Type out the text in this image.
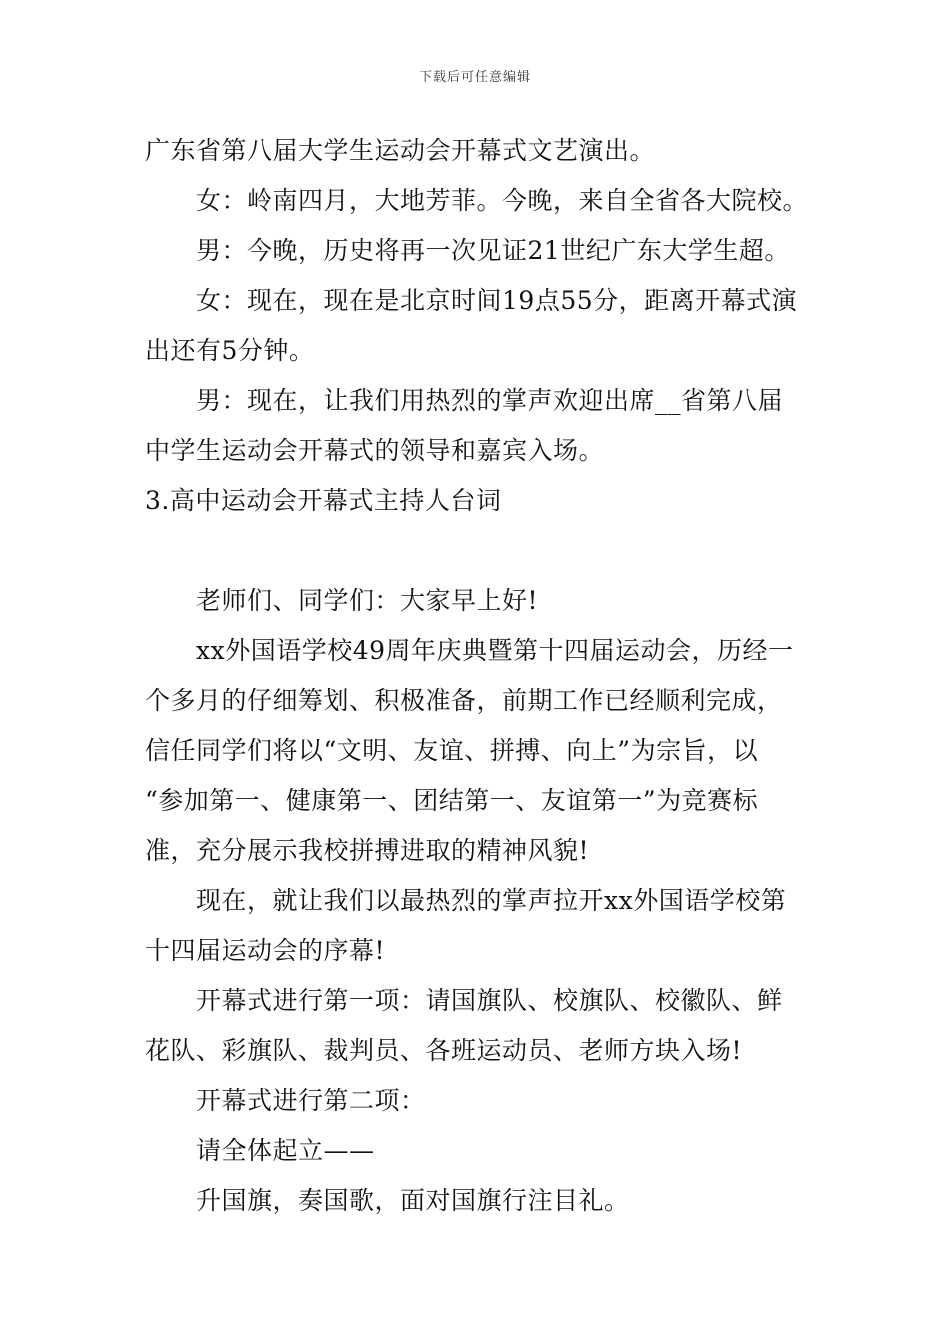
下载后可任意编辑
广东省第八届大学生运动会开幕式文艺演出。
女：岭南四月，大地芳菲。今晚，来自全省各大院校。
男：今晚，历史将再一次见证21世纪广东大学生超。
女：现在，现在是北京时间19点55分，距离开幕式演
出还有5分钟。
男：现在，让我们用热烈的掌声欢迎出席__省第八届
中学生运动会开幕式的领导和嘉宾入场。
3.高中运动会开幕式主持人台词
老师们、同学们：大家早上好!
xx外国语学校49周年庆典暨第十四届运动会，历经一
个多月的仔细筹划、积极准备，前期工作已经顺利完成，
信任同学们将以“文明、友谊、拼搏、向上”为宗旨，以
“参加第一、健康第一、团结第一、友谊第一”为竞赛标
准，充分展示我校拼搏进取的精神风貌!
现在，就让我们以最热烈的掌声拉开xx外国语学校第
十四届运动会的序幕!
开幕式进行第一项：请国旗队、校旗队、校徽队、鲜
花队、彩旗队、裁判员、各班运动员、老师方块入场!
开幕式进行第二项：
请全体起立——
升国旗，奏国歌，面对国旗行注目礼。
